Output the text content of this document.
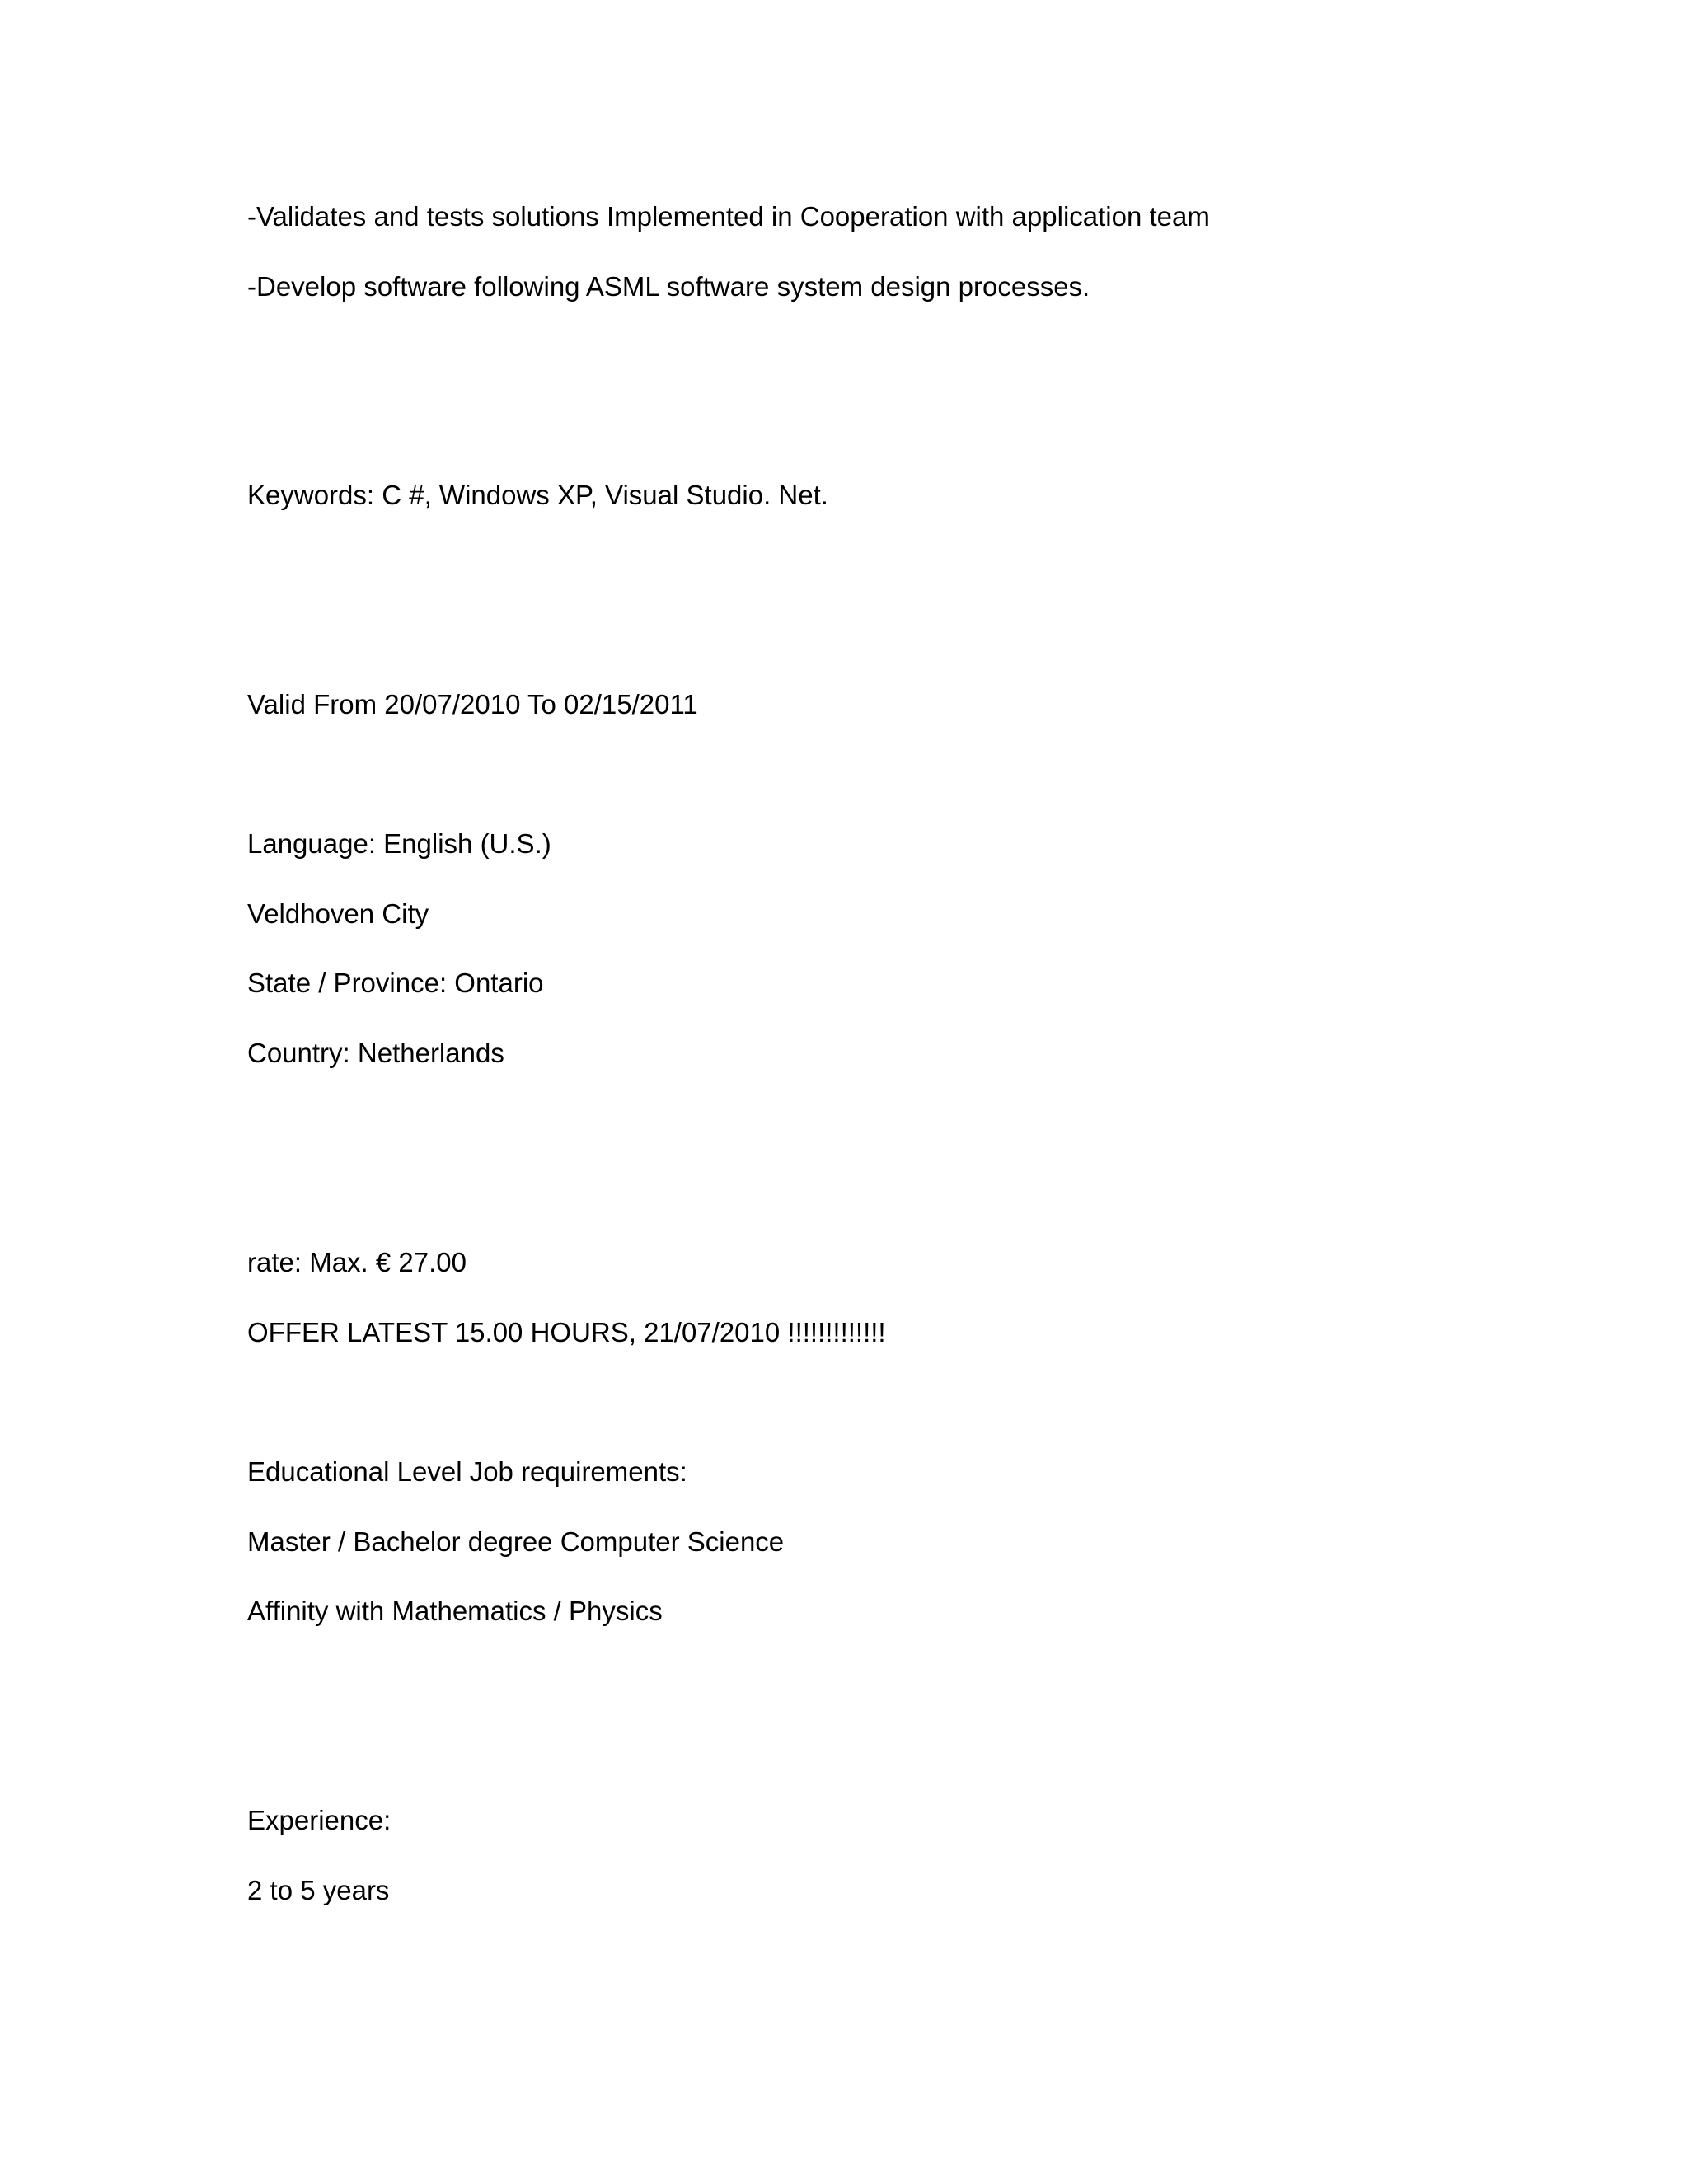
-Validates and tests solutions Implemented in Cooperation with application team
-Develop software following ASML software system design processes.
Keywords: C #, Windows XP, Visual Studio. Net.
Valid From 20/07/2010 To 02/15/2011
Language: English (U.S.)
Veldhoven City
State / Province: Ontario
Country: Netherlands
rate: Max. € 27.00
OFFER LATEST 15.00 HOURS, 21/07/2010 !!!!!!!!!!!!!
Educational Level Job requirements:
Master / Bachelor degree Computer Science
Affinity with Mathematics / Physics
Experience:
2 to 5 years
